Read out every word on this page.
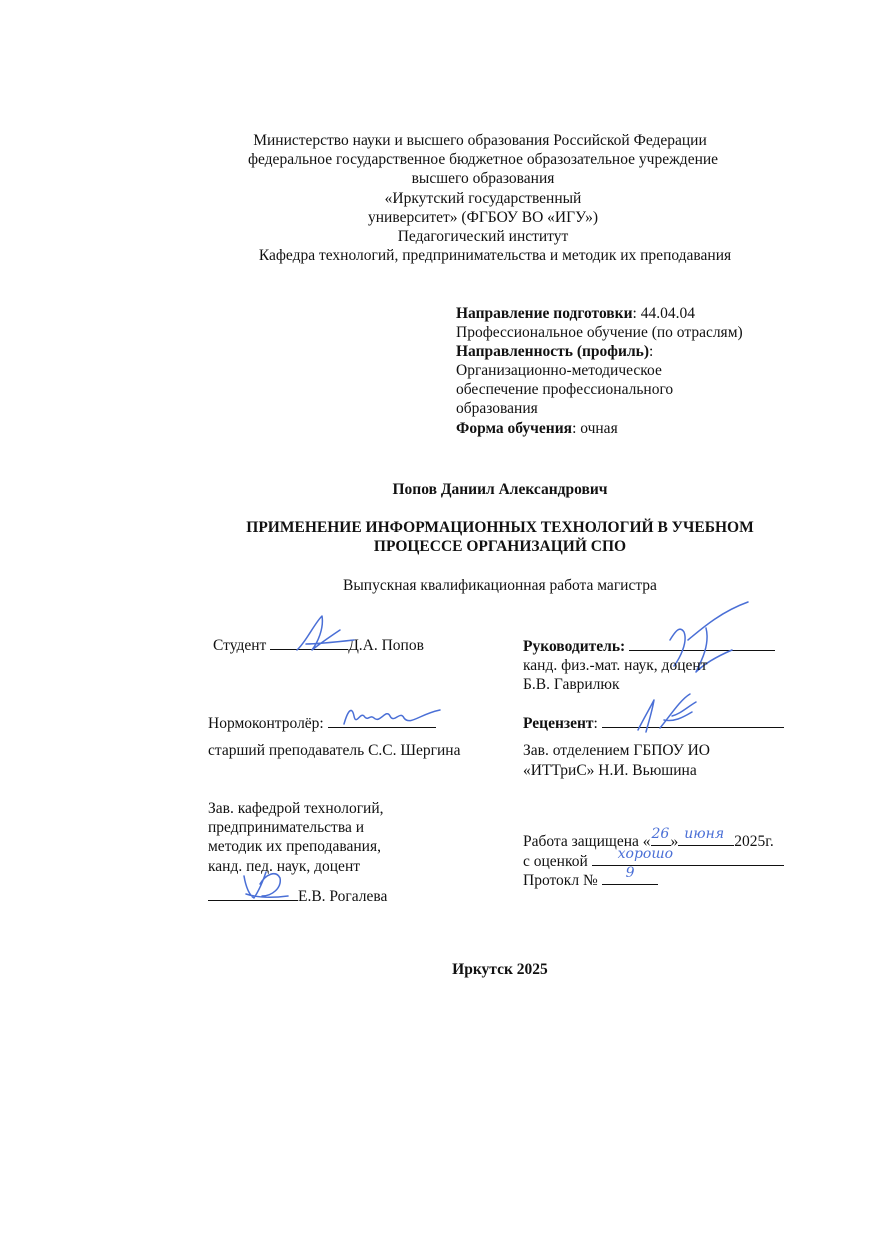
Министерство науки и высшего образования Российской Федерации
федеральное государственное бюджетное образозательное учреждение
высшего образования
«Иркутский государственный
университет» (ФГБОУ ВО «ИГУ»)
Педагогический институт
Кафедра технологий, предпринимательства и методик их преподавания
Направление подготовки: 44.04.04
Профессиональное обучение (по отраслям)
Направленность (профиль):
Организационно-методическое
обеспечение профессионального
образования
Форма обучения: очная
Попов Даниил Александрович
ПРИМЕНЕНИЕ ИНФОРМАЦИОННЫХ ТЕХНОЛОГИЙ В УЧЕБНОМ
ПРОЦЕССЕ ОРГАНИЗАЦИЙ СПО
Выпускная квалификационная работа магистра
Студент	Д.А. Попов	Руководитель:
канд. физ.-мат. наук, доцент
Б.В. Гаврилюк
Нормоконтролёр:
старший преподаватель С.С. Шергина
Рецензент:
Зав. отделением ГБПОУ ИО
«ИТТриС» Н.И. Вьюшина
Зав. кафедрой технологий,
предпринимательства и
методик их преподавания,
канд. пед. наук, доцент
Е.В. Рогалева
Работа защищена « 26 » июня 2025г.
с оценкой хорошо
Протокл № 9
Иркутск 2025
